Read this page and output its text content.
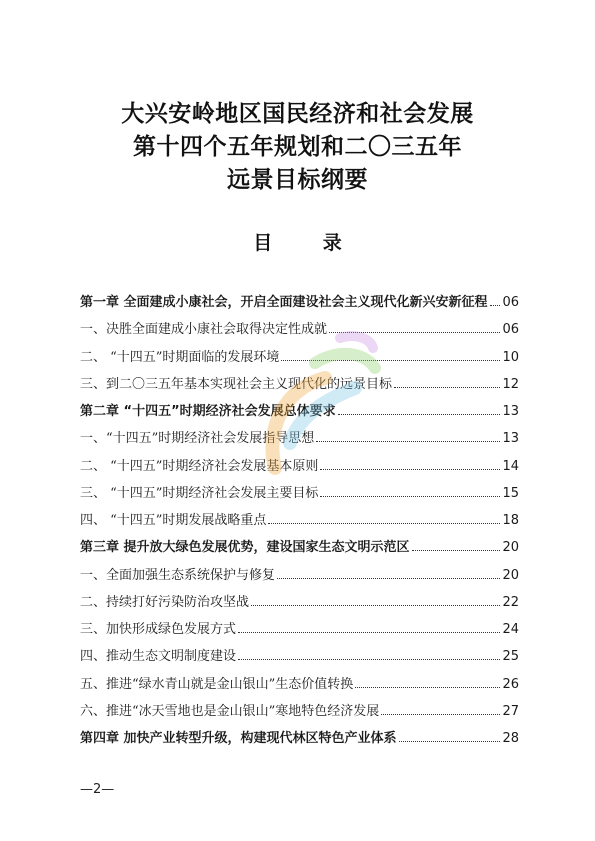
大兴安岭地区国民经济和社会发展
第十四个五年规划和二〇三五年
远景目标纲要
目 录
第一章 全面建成小康社会，开启全面建设社会主义现代化新兴安新征程 06
一、决胜全面建成小康社会取得决定性成就	06
二、 “十四五”时期面临的发展环境	10
三、到二〇三五年基本实现社会主义现代化的远景目标	12
第二章 “十四五”时期经济社会发展总体要求	13
一、“十四五”时期经济社会发展指导思想	13
二、 “十四五”时期经济社会发展基本原则	14
三、 “十四五”时期经济社会发展主要目标	15
四、 “十四五”时期发展战略重点	18
第三章 提升放大绿色发展优势，建设国家生态文明示范区	20
一、全面加强生态系统保护与修复	20
二、持续打好污染防治攻坚战	22
三、加快形成绿色发展方式	24
四、推动生态文明制度建设	25
五、推进“绿水青山就是金山银山”生态价值转换	26
六、推进“冰天雪地也是金山银山”寒地特色经济发展	27
第四章 加快产业转型升级，构建现代林区特色产业体系	28
—2—
